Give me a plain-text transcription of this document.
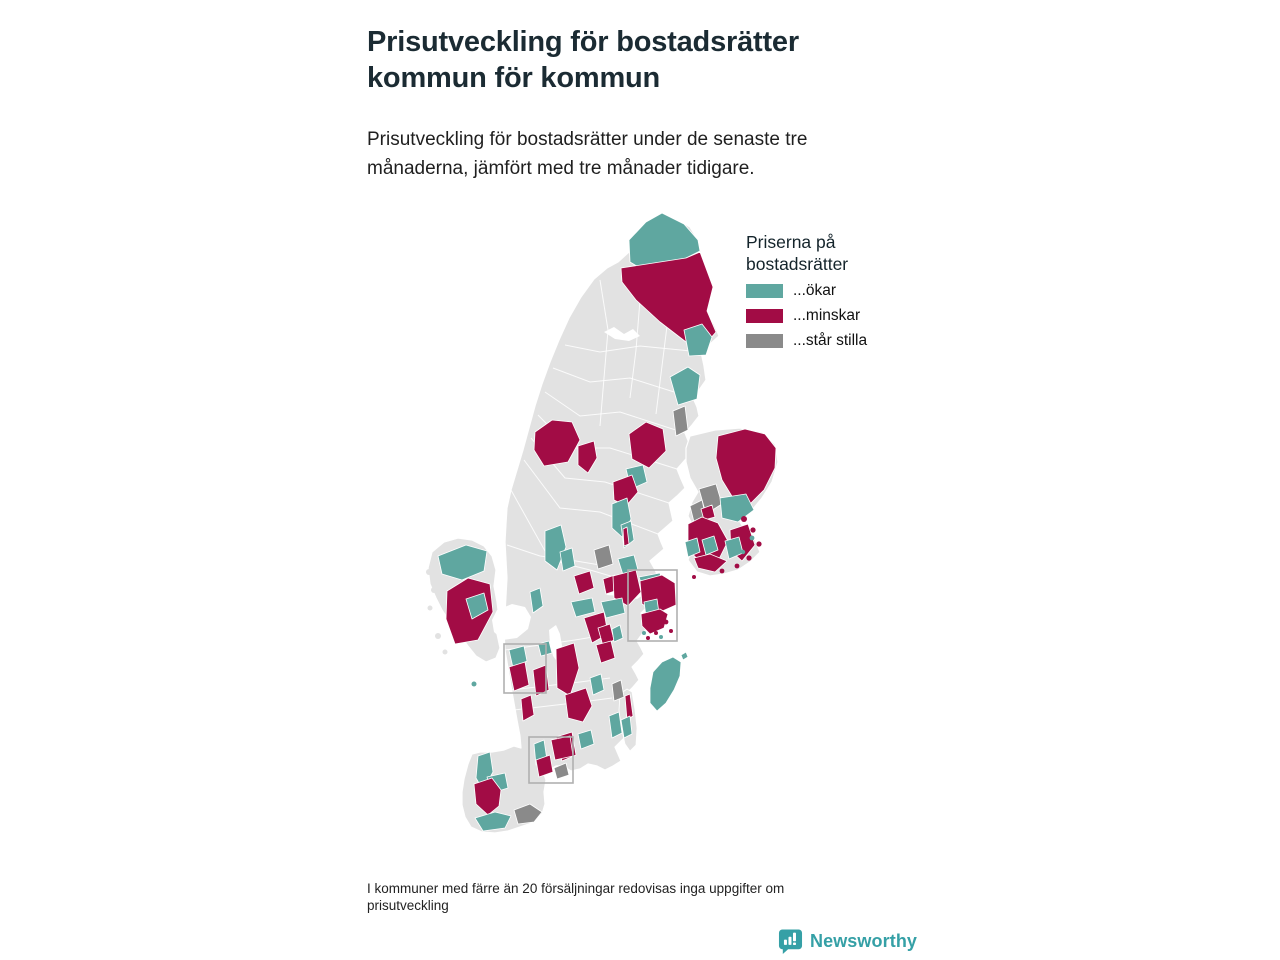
Prisutveckling för bostadsrätter kommun för kommun

Prisutveckling för bostadsrätter under de senaste tre månaderna, jämfört med tre månader tidigare.

Priserna på bostadsrätter
...ökar
...minskar
...står stilla

I kommuner med färre än 20 försäljningar redovisas inga uppgifter om prisutveckling

Newsworthy
